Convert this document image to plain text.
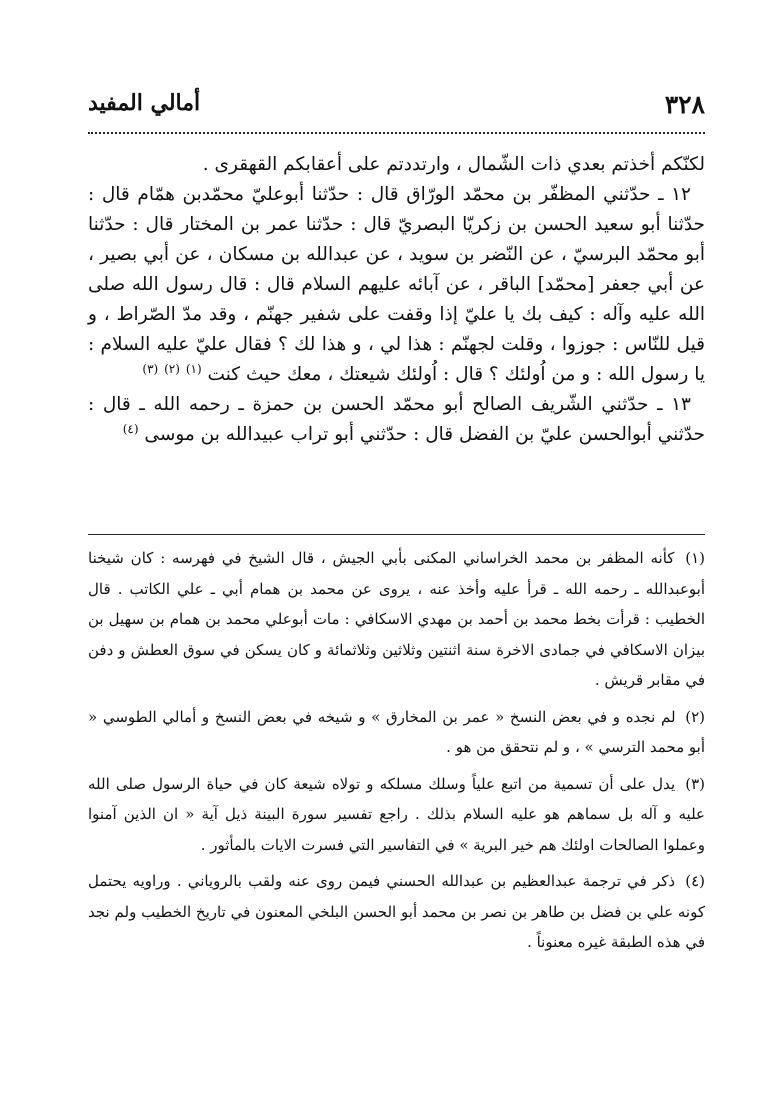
٣٢٨
أمالي المفيد

لكنّكم أخذتم بعدي ذات الشّمال ، وارتددتم على أعقابكم القهقرى .

١٢ ـ حدّثني المظفّر بن محمّد الورّاق قال : حدّثنا أبوعليّ محمّدبن همّام قال : حدّثنا أبو سعيد الحسن بن زكريّا البصريّ قال : حدّثنا عمر بن المختار قال : حدّثنا أبو محمّد البرسيّ ، عن النّضر بن سويد ، عن عبدالله بن مسكان ، عن أبي بصير ، عن أبي جعفر [محمّد] الباقر ، عن آبائه عليهم السلام قال : قال رسول الله صلى الله عليه وآله : كيف بك يا عليّ إذا وقفت على شفير جهنّم ، وقد مدّ الصّراط ، و قيل للنّاس : جوزوا ، وقلت لجهنّم : هذا لي ، و هذا لك ؟ فقال عليّ عليه السلام : يا رسول الله : و من اُولئك ؟ قال : اُولئك شيعتك ، معك حيث كنت $^{(١)}$ $^{(٢)}$ $^{(٣)}$

١٣ ـ حدّثني الشّريف الصالح أبو محمّد الحسن بن حمزة ـ رحمه الله ـ قال : حدّثني أبوالحسن عليّ بن الفضل قال : حدّثني أبو تراب عبيدالله بن موسى $^{(٤)}$

(١) كأنه المظفر بن محمد الخراساني المكنى بأبي الجيش ، قال الشيخ في فهرسه : كان شيخنا أبوعبدالله ـ رحمه الله ـ قرأ عليه وأخذ عنه ، يروى عن محمد بن همام أبي ـ علي الكاتب . قال الخطيب : قرأت بخط محمد بن أحمد بن مهدي الاسكافي : مات أبوعلي محمد بن همام بن سهيل بن بيزان الاسكافي في جمادى الاخرة سنة اثنتين وثلاثين وثلاثمائة و كان يسكن في سوق العطش و دفن في مقابر قريش .

(٢) لم نجده و في بعض النسخ « عمر بن المخارق » و شيخه في بعض النسخ و أمالي الطوسي « أبو محمد الترسي » ، و لم نتحقق من هو .

(٣) يدل على أن تسمية من اتبع علياً وسلك مسلكه و تولاه شيعة كان في حياة الرسول صلى الله عليه و آله بل سماهم هو عليه السلام بذلك . راجع تفسير سورة البينة ذيل آية « ان الذين آمنوا وعملوا الصالحات اولئك هم خير البرية » في التفاسير التي فسرت الايات بالمأثور .

(٤) ذكر في ترجمة عبدالعظيم بن عبدالله الحسني فيمن روى عنه ولقب بالروياني . وراويه يحتمل كونه علي بن فضل بن طاهر بن نصر بن محمد أبو الحسن البلخي المعنون في تاريخ الخطيب ولم نجد في هذه الطبقة غيره معنوناً .
